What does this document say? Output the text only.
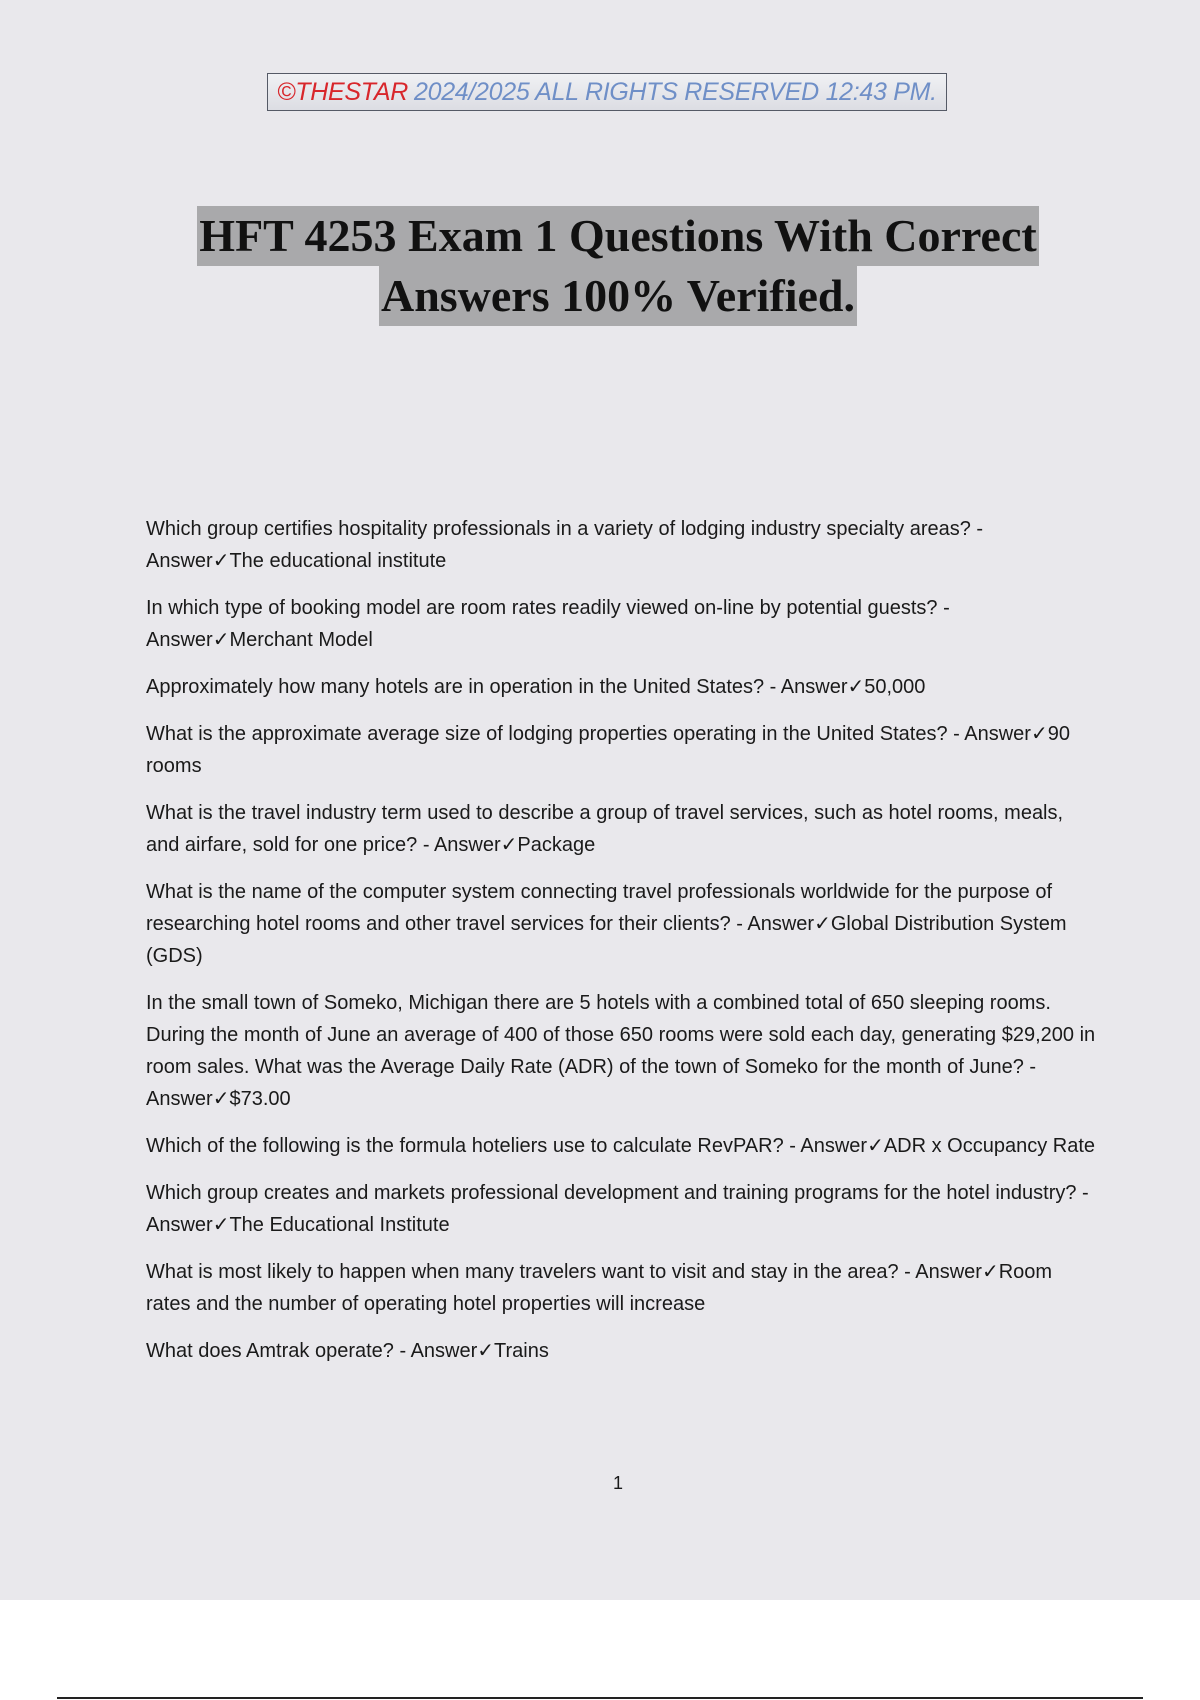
©THESTAR 2024/2025 ALL RIGHTS RESERVED 12:43 PM.
HFT 4253 Exam 1 Questions With Correct
Answers 100% Verified.

Which group certifies hospitality professionals in a variety of lodging industry specialty areas? - Answer✓The educational institute

In which type of booking model are room rates readily viewed on-line by potential guests? - Answer✓Merchant Model

Approximately how many hotels are in operation in the United States? - Answer✓50,000

What is the approximate average size of lodging properties operating in the United States? - Answer✓90 rooms

What is the travel industry term used to describe a group of travel services, such as hotel rooms, meals, and airfare, sold for one price? - Answer✓Package

What is the name of the computer system connecting travel professionals worldwide for the purpose of researching hotel rooms and other travel services for their clients? - Answer✓Global Distribution System (GDS)

In the small town of Someko, Michigan there are 5 hotels with a combined total of 650 sleeping rooms. During the month of June an average of 400 of those 650 rooms were sold each day, generating $29,200 in room sales. What was the Average Daily Rate (ADR) of the town of Someko for the month of June? - Answer✓$73.00

Which of the following is the formula hoteliers use to calculate RevPAR? - Answer✓ADR x Occupancy Rate

Which group creates and markets professional development and training programs for the hotel industry? - Answer✓The Educational Institute

What is most likely to happen when many travelers want to visit and stay in the area? - Answer✓Room rates and the number of operating hotel properties will increase

What does Amtrak operate? - Answer✓Trains

1
